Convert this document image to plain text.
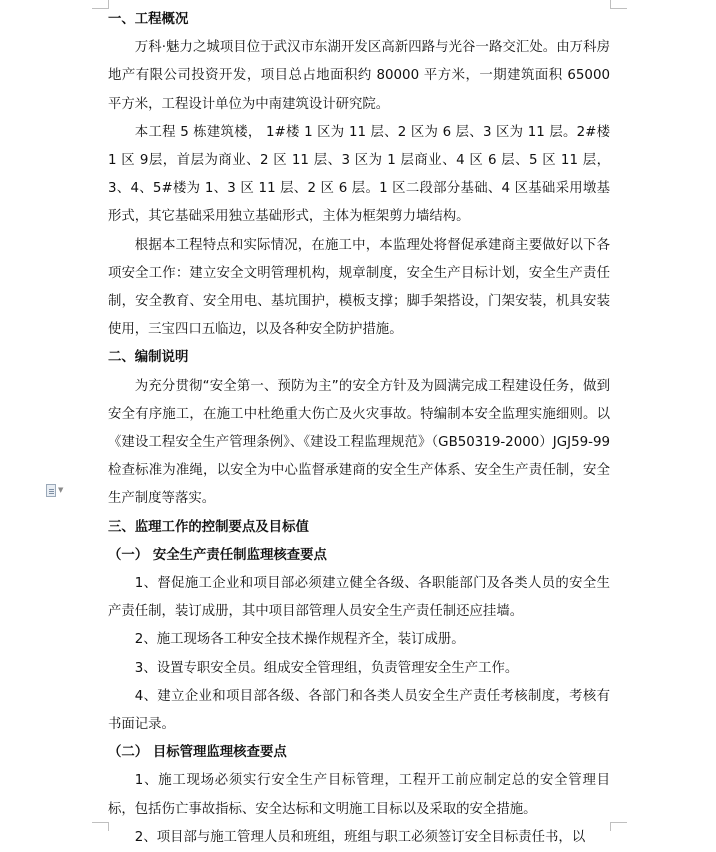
▼

一、工程概况

万科·魅力之城项目位于武汉市东湖开发区高新四路与光谷一路交汇处。由万科房地产有限公司投资开发，项目总占地面积约 80000 平方米，一期建筑面积 65000 平方米，工程设计单位为中南建筑设计研究院。

本工程 5 栋建筑楼， 1#楼 1 区为 11 层、2 区为 6 层、3 区为 11 层。2#楼 1 区 9层，首层为商业、2 区 11 层、3 区为 1 层商业、4 区 6 层、5 区 11 层，3、4、5#楼为 1、3 区 11 层、2 区 6 层。1 区二段部分基础、4 区基础采用墩基形式，其它基础采用独立基础形式，主体为框架剪力墙结构。

根据本工程特点和实际情况，在施工中，本监理处将督促承建商主要做好以下各项安全工作：建立安全文明管理机构，规章制度，安全生产目标计划，安全生产责任制，安全教育、安全用电、基坑围护，模板支撑；脚手架搭设，门架安装，机具安装使用，三宝四口五临边，以及各种安全防护措施。

二、编制说明

为充分贯彻“安全第一、预防为主”的安全方针及为圆满完成工程建设任务，做到安全有序施工，在施工中杜绝重大伤亡及火灾事故。特编制本安全监理实施细则。以《建设工程安全生产管理条例》、《建设工程监理规范》（GB50319-2000）JGJ59-99 检查标准为准绳，以安全为中心监督承建商的安全生产体系、安全生产责任制，安全生产制度等落实。

三、监理工作的控制要点及目标值

（一） 安全生产责任制监理核查要点

1、督促施工企业和项目部必须建立健全各级、各职能部门及各类人员的安全生产责任制，装订成册，其中项目部管理人员安全生产责任制还应挂墙。

2、施工现场各工种安全技术操作规程齐全，装订成册。

3、设置专职安全员。组成安全管理组，负责管理安全生产工作。

4、建立企业和项目部各级、各部门和各类人员安全生产责任考核制度，考核有书面记录。

（二） 目标管理监理核查要点

1、施工现场必须实行安全生产目标管理，工程开工前应制定总的安全管理目标，包括伤亡事故指标、安全达标和文明施工目标以及采取的安全措施。

2、项目部与施工管理人员和班组，班组与职工必须签订安全目标责任书，以
